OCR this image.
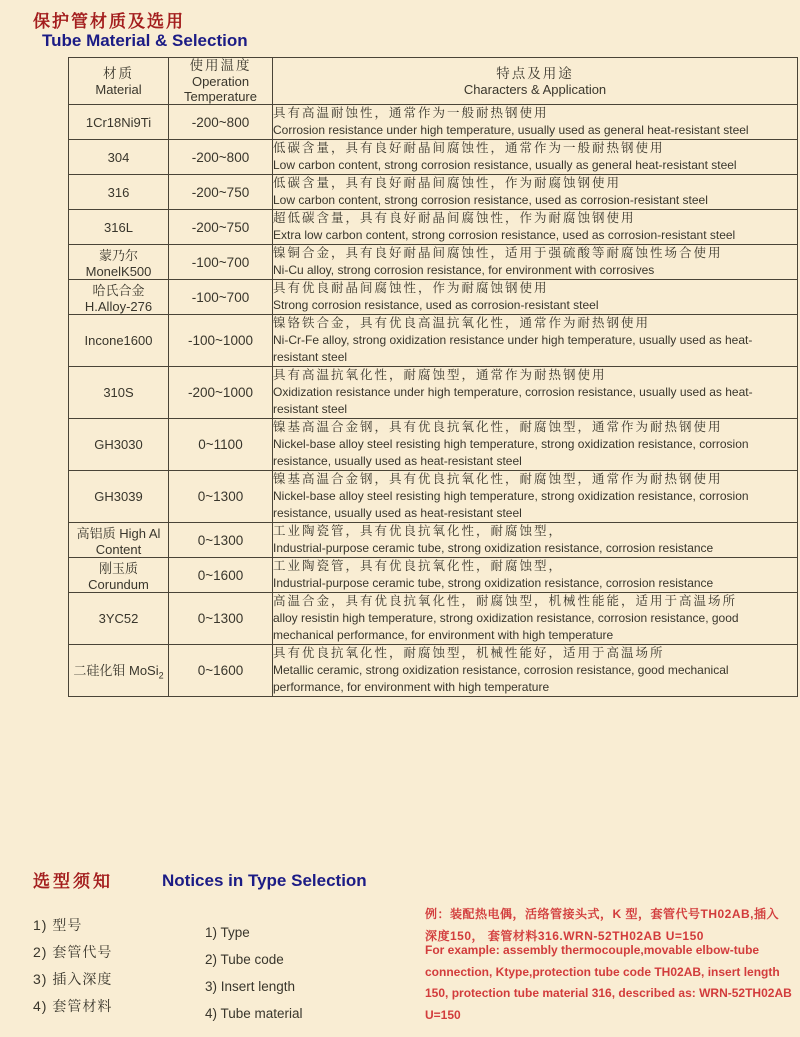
保护管材质及选用
Tube Material & Selection
材质
Material

使用温度
Operation
Temperature

特点及用途
Characters & Application

1Cr18Ni9Ti	-200~800	具有高温耐蚀性，通常作为一般耐热钢使用
Corrosion resistance under high temperature, usually used as general heat-resistant steel

304	-200~800	低碳含量，具有良好耐晶间腐蚀性，通常作为一般耐热钢使用
Low carbon content, strong corrosion resistance, usually as general heat-resistant steel

316	-200~750	低碳含量，具有良好耐晶间腐蚀性，作为耐腐蚀钢使用
Low carbon content, strong corrosion resistance, used as corrosion-resistant steel

316L	-200~750	超低碳含量，具有良好耐晶间腐蚀性，作为耐腐蚀钢使用
Extra low carbon content, strong corrosion resistance, used as corrosion-resistant steel

蒙乃尔 MonelK500	-100~700	镍铜合金，具有良好耐晶间腐蚀性，适用于强硫酸等耐腐蚀性场合使用
Ni-Cu alloy, strong corrosion resistance, for environment with corrosives

哈氏合金 H.Alloy-276	-100~700	具有优良耐晶间腐蚀性，作为耐腐蚀钢使用
Strong corrosion resistance, used as corrosion-resistant steel

Incone1600	-100~1000	镍铬铁合金，具有优良高温抗氧化性，通常作为耐热钢使用
Ni-Cr-Fe alloy, strong oxidization resistance under high temperature, usually used as heat-resistant steel

310S	-200~1000	具有高温抗氧化性，耐腐蚀型，通常作为耐热钢使用
Oxidization resistance under high temperature, corrosion resistance, usually used as heat-resistant steel

GH3030	0~1100	镍基高温合金钢，具有优良抗氧化性，耐腐蚀型，通常作为耐热钢使用
Nickel-base alloy steel resisting high temperature, strong oxidization resistance, corrosion resistance, usually used as heat-resistant steel

GH3039	0~1300	镍基高温合金钢，具有优良抗氧化性，耐腐蚀型，通常作为耐热钢使用
Nickel-base alloy steel resisting high temperature, strong oxidization resistance, corrosion resistance, usually used as heat-resistant steel

高铝质 High Al Content	0~1300	工业陶瓷管，具有优良抗氧化性，耐腐蚀型，
Industrial-purpose ceramic tube, strong oxidization resistance, corrosion resistance

刚玉质 Corundum	0~1600	工业陶瓷管，具有优良抗氧化性，耐腐蚀型，
Industrial-purpose ceramic tube, strong oxidization resistance, corrosion resistance

3YC52	0~1300	高温合金，具有优良抗氧化性，耐腐蚀型，机械性能能，适用于高温场所
alloy resistin high temperature, strong oxidization resistance, corrosion resistance, good mechanical performance, for environment with high temperature

二硅化钼 MoSi$_2$	0~1600	具有优良抗氧化性，耐腐蚀型，机械性能好，适用于高温场所
Metallic ceramic, strong oxidization resistance, corrosion resistance, good mechanical performance, for environment with high temperature
选型须知	Notices in Type Selection
1) 型号
2) 套管代号
3) 插入深度
4) 套管材料
1) Type
2) Tube code
3) Insert length
4) Tube material
例：装配热电偶，活络管接头式，K 型，套管代号TH02AB,插入深度150， 套管材料316.WRN-52TH02AB U=150
For example: assembly thermocouple,movable elbow-tube connection, Ktype,protection tube code TH02AB, insert length 150, protection tube material 316, described as: WRN-52TH02AB U=150
